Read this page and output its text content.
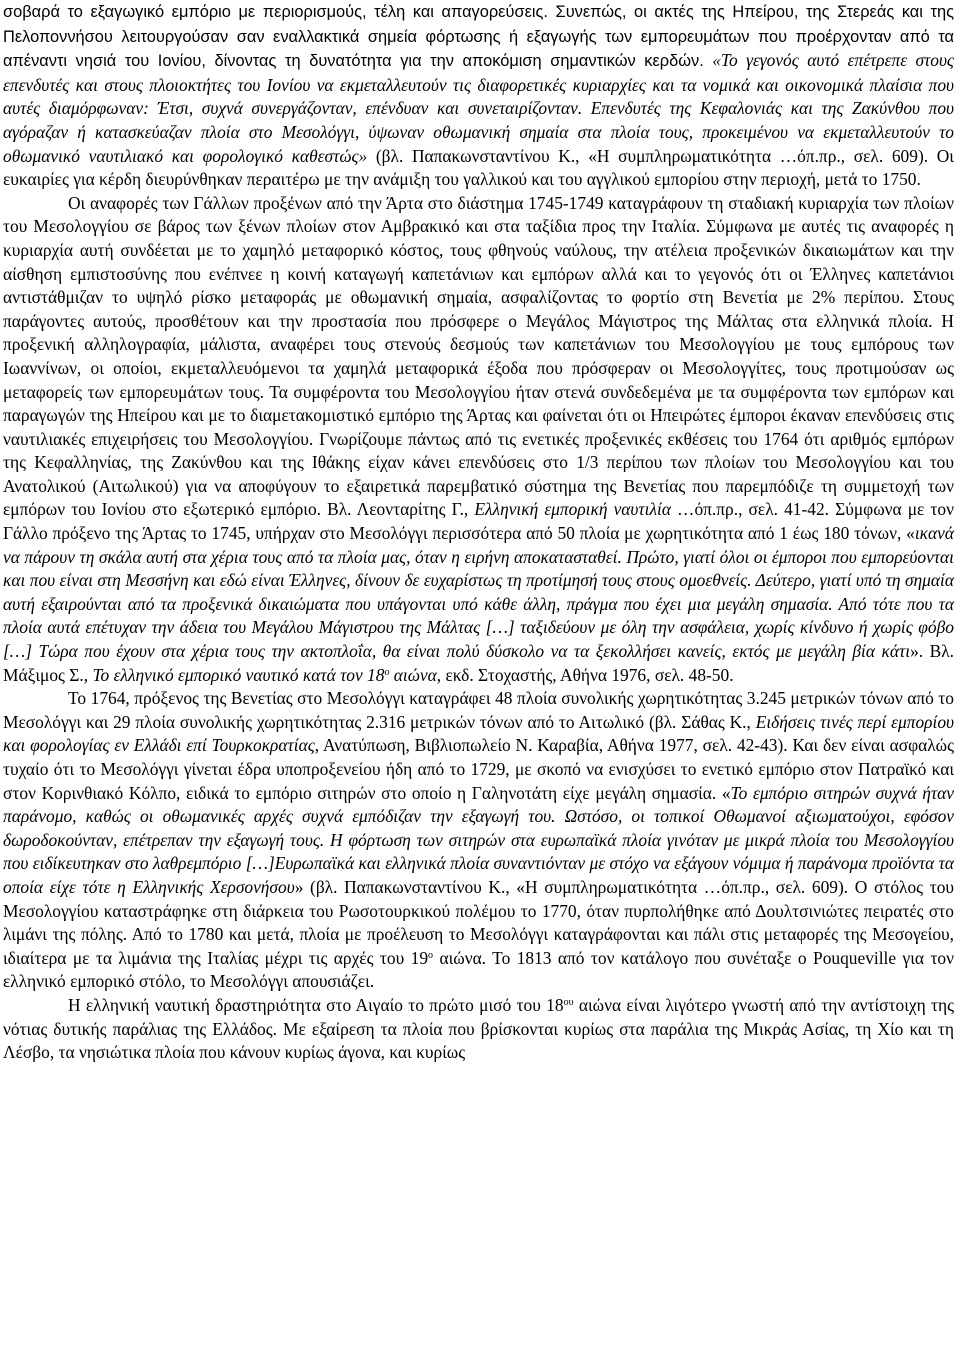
σοβαρά το εξαγωγικό εμπόριο με περιορισμούς, τέλη και απαγορεύσεις. Συνεπώς, οι ακτές της Ηπείρου, της Στερεάς και της Πελοποννήσου λειτουργούσαν σαν εναλλακτικά σημεία φόρτωσης ή εξαγωγής των εμπορευμάτων που προέρχονταν από τα απέναντι νησιά του Ιονίου, δίνοντας τη δυνατότητα για την αποκόμιση σημαντικών κερδών. «Το γεγονός αυτό επέτρεπε στους επενδυτές και στους πλοιοκτήτες του Ιονίου να εκμεταλλευτούν τις διαφορετικές κυριαρχίες και τα νομικά και οικονομικά πλαίσια που αυτές διαμόρφωναν: Έτσι, συχνά συνεργάζονταν, επένδυαν και συνεταιρίζονταν. Επενδυτές της Κεφαλονιάς και της Ζακύνθου που αγόραζαν ή κατασκεύαζαν πλοία στο Μεσολόγγι, ύψωναν οθωμανική σημαία στα πλοία τους, προκειμένου να εκμεταλλευτούν το οθωμανικό ναυτιλιακό και φορολογικό καθεστώς» (βλ. Παπακωνσταντίνου Κ., «Η συμπληρωματικότητα …όπ.πρ., σελ. 609). Οι ευκαιρίες για κέρδη διευρύνθηκαν περαιτέρω με την ανάμιξη του γαλλικού και του αγγλικού εμπορίου στην περιοχή, μετά το 1750.

Οι αναφορές των Γάλλων προξένων από την Άρτα στο διάστημα 1745-1749 καταγράφουν τη σταδιακή κυριαρχία των πλοίων του Μεσολογγίου σε βάρος των ξένων πλοίων στον Αμβρακικό και στα ταξίδια προς την Ιταλία. Σύμφωνα με αυτές τις αναφορές η κυριαρχία αυτή συνδέεται με το χαμηλό μεταφορικό κόστος, τους φθηνούς ναύλους, την ατέλεια προξενικών δικαιωμάτων και την αίσθηση εμπιστοσύνης που ενέπνεε η κοινή καταγωγή καπετάνιων και εμπόρων αλλά και το γεγονός ότι οι Έλληνες καπετάνιοι αντιστάθμιζαν το υψηλό ρίσκο μεταφοράς με οθωμανική σημαία, ασφαλίζοντας το φορτίο στη Βενετία με 2% περίπου. Στους παράγοντες αυτούς, προσθέτουν και την προστασία που πρόσφερε ο Μεγάλος Μάγιστρος της Μάλτας στα ελληνικά πλοία. Η προξενική αλληλογραφία, μάλιστα, αναφέρει τους στενούς δεσμούς των καπετάνιων του Μεσολογγίου με τους εμπόρους των Ιωαννίνων, οι οποίοι, εκμεταλλευόμενοι τα χαμηλά μεταφορικά έξοδα που πρόσφεραν οι Μεσολογγίτες, τους προτιμούσαν ως μεταφορείς των εμπορευμάτων τους. Τα συμφέροντα του Μεσολογγίου ήταν στενά συνδεδεμένα με τα συμφέροντα των εμπόρων και παραγωγών της Ηπείρου και με το διαμετακομιστικό εμπόριο της Άρτας και φαίνεται ότι οι Ηπειρώτες έμποροι έκαναν επενδύσεις στις ναυτιλιακές επιχειρήσεις του Μεσολογγίου. Γνωρίζουμε πάντως από τις ενετικές προξενικές εκθέσεις του 1764 ότι αριθμός εμπόρων της Κεφαλληνίας, της Ζακύνθου και της Ιθάκης είχαν κάνει επενδύσεις στο 1/3 περίπου των πλοίων του Μεσολογγίου και του Ανατολικού (Αιτωλικού) για να αποφύγουν το εξαιρετικά παρεμβατικό σύστημα της Βενετίας που παρεμπόδιζε τη συμμετοχή των εμπόρων του Ιονίου στο εξωτερικό εμπόριο. Βλ. Λεονταρίτης Γ., Ελληνική εμπορική ναυτιλία …όπ.πρ., σελ. 41-42. Σύμφωνα με τον Γάλλο πρόξενο της Άρτας το 1745, υπήρχαν στο Μεσολόγγι περισσότερα από 50 πλοία με χωρητικότητα από 1 έως 180 τόνων, «ικανά να πάρουν τη σκάλα αυτή στα χέρια τους από τα πλοία μας, όταν η ειρήνη αποκατασταθεί. Πρώτο, γιατί όλοι οι έμποροι που εμπορεύονται και που είναι στη Μεσσήνη και εδώ είναι Έλληνες, δίνουν δε ευχαρίστως τη προτίμησή τους στους ομοεθνείς. Δεύτερο, γιατί υπό τη σημαία αυτή εξαιρούνται από τα προξενικά δικαιώματα που υπάγονται υπό κάθε άλλη, πράγμα που έχει μια μεγάλη σημασία. Από τότε που τα πλοία αυτά επέτυχαν την άδεια του Μεγάλου Μάγιστρου της Μάλτας […] ταξιδεύουν με όλη την ασφάλεια, χωρίς κίνδυνο ή χωρίς φόβο […] Τώρα που έχουν στα χέρια τους την ακτοπλοΐα, θα είναι πολύ δύσκολο να τα ξεκολλήσει κανείς, εκτός με μεγάλη βία κάτι». Βλ. Μάξιμος Σ., Το ελληνικό εμπορικό ναυτικό κατά τον $18^o$ αιώνα, εκδ. Στοχαστής, Αθήνα 1976, σελ. 48-50.

Το 1764, πρόξενος της Βενετίας στο Μεσολόγγι καταγράφει 48 πλοία συνολικής χωρητικότητας 3.245 μετρικών τόνων από το Μεσολόγγι και 29 πλοία συνολικής χωρητικότητας 2.316 μετρικών τόνων από το Αιτωλικό (βλ. Σάθας Κ., Ειδήσεις τινές περί εμπορίου και φορολογίας εν Ελλάδι επί Τουρκοκρατίας, Ανατύπωση, Βιβλιοπωλείο Ν. Καραβία, Αθήνα 1977, σελ. 42-43). Και δεν είναι ασφαλώς τυχαίο ότι το Μεσολόγγι γίνεται έδρα υποπροξενείου ήδη από το 1729, με σκοπό να ενισχύσει το ενετικό εμπόριο στον Πατραϊκό και στον Κορινθιακό Κόλπο, ειδικά το εμπόριο σιτηρών στο οποίο η Γαληνοτάτη είχε μεγάλη σημασία. «Το εμπόριο σιτηρών συχνά ήταν παράνομο, καθώς οι οθωμανικές αρχές συχνά εμπόδιζαν την εξαγωγή του. Ωστόσο, οι τοπικοί Οθωμανοί αξιωματούχοι, εφόσον δωροδοκούνταν, επέτρεπαν την εξαγωγή τους. Η φόρτωση των σιτηρών στα ευρωπαϊκά πλοία γινόταν με μικρά πλοία του Μεσολογγίου που ειδίκευτηκαν στο λαθρεμπόριο […]Ευρωπαϊκά και ελληνικά πλοία συναντιόνταν με στόχο να εξάγουν νόμιμα ή παράνομα προϊόντα τα οποία είχε τότε η Ελληνικής Χερσονήσου» (βλ. Παπακωνσταντίνου Κ., «Η συμπληρωματικότητα …όπ.πρ., σελ. 609). Ο στόλος του Μεσολογγίου καταστράφηκε στη διάρκεια του Ρωσοτουρκικού πολέμου το 1770, όταν πυρπολήθηκε από Δουλτσινιώτες πειρατές στο λιμάνι της πόλης. Από το 1780 και μετά, πλοία με προέλευση το Μεσολόγγι καταγράφονται και πάλι στις μεταφορές της Μεσογείου, ιδιαίτερα με τα λιμάνια της Ιταλίας μέχρι τις αρχές του $19^o$ αιώνα. Το 1813 από τον κατάλογο που συνέταξε ο Pouqueville για τον ελληνικό εμπορικό στόλο, το Μεσολόγγι απουσιάζει.

Η ελληνική ναυτική δραστηριότητα στο Αιγαίο το πρώτο μισό του $18^{o\upsilon}$ αιώνα είναι λιγότερο γνωστή από την αντίστοιχη της νότιας δυτικής παράλιας της Ελλάδος. Με εξαίρεση τα πλοία που βρίσκονται κυρίως στα παράλια της Μικράς Ασίας, τη Χίο και τη Λέσβο, τα νησιώτικα πλοία που κάνουν κυρίως άγονα, και κυρίως
